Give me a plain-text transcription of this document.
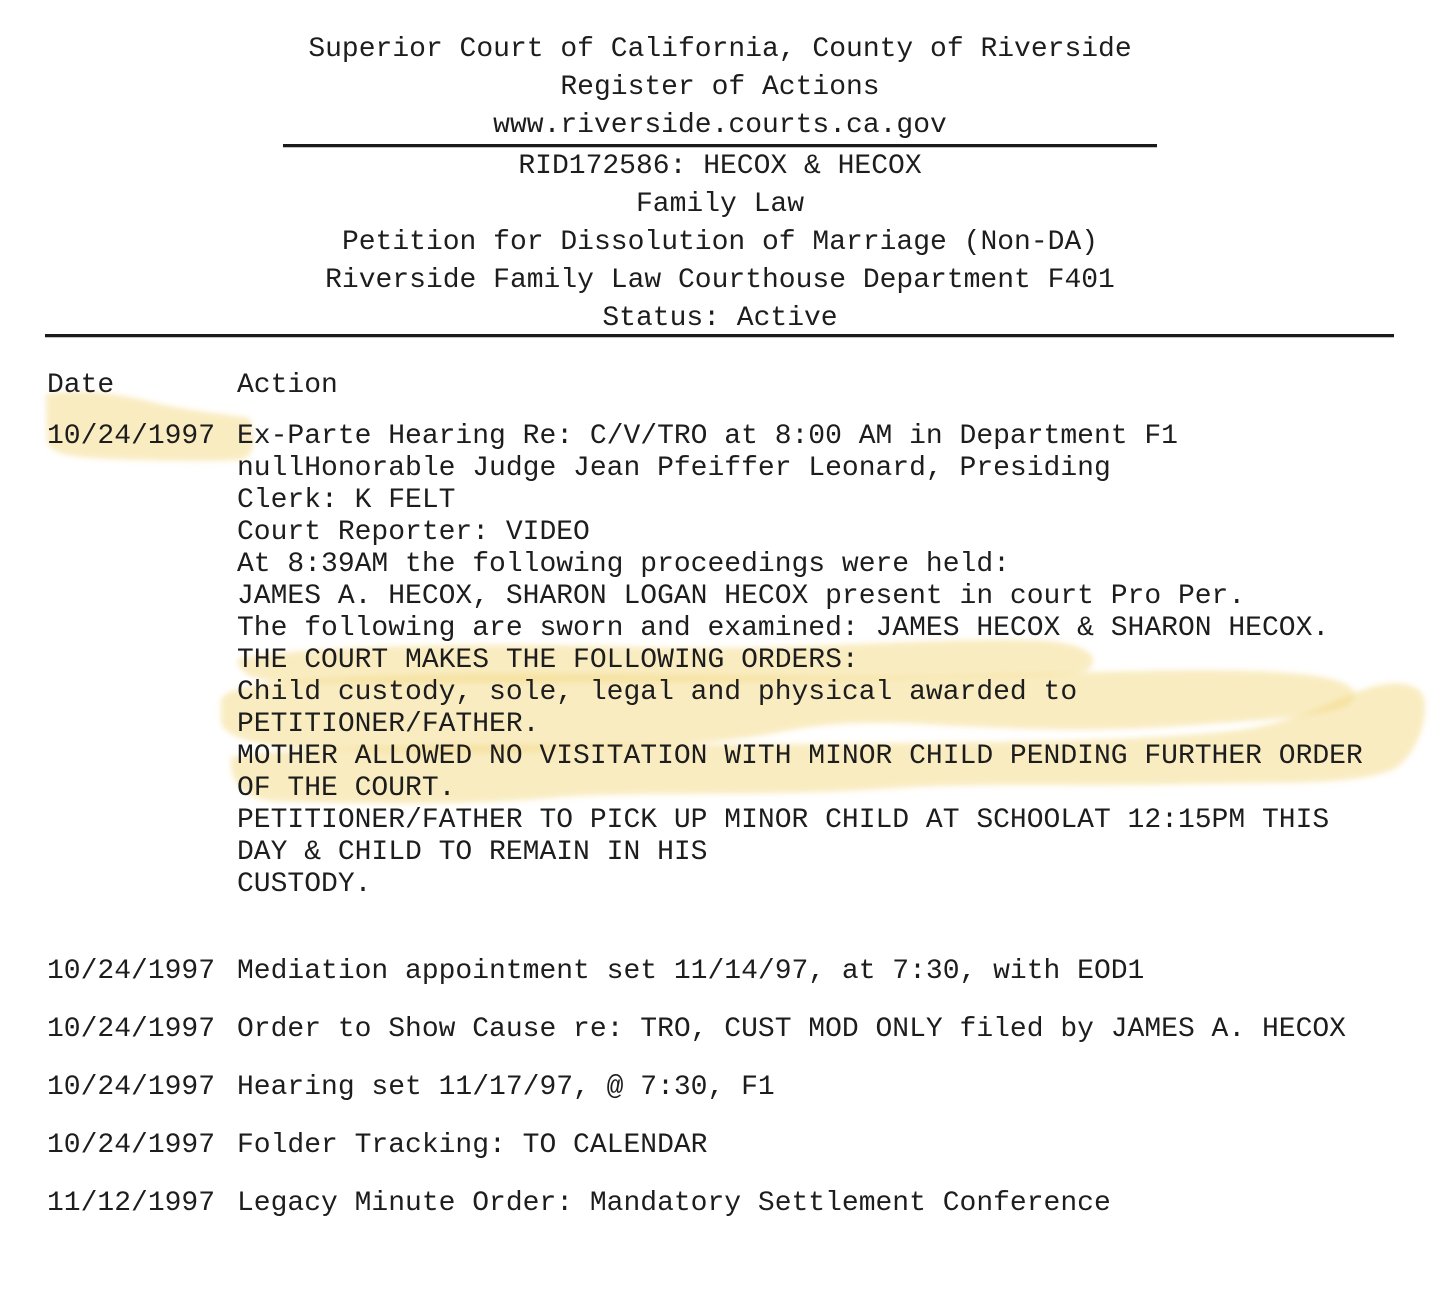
Superior Court of California, County of Riverside
Register of Actions
www.riverside.courts.ca.gov
RID172586: HECOX & HECOX
Family Law
Petition for Dissolution of Marriage (Non-DA)
Riverside Family Law Courthouse Department F401
Status: Active
Date	Action
10/24/1997 Ex-Parte Hearing Re: C/V/TRO at 8:00 AM in Department F1
nullHonorable Judge Jean Pfeiffer Leonard, Presiding
Clerk: K FELT
Court Reporter: VIDEO
At 8:39AM the following proceedings were held:
JAMES A. HECOX, SHARON LOGAN HECOX present in court Pro Per.
The following are sworn and examined: JAMES HECOX & SHARON HECOX.
THE COURT MAKES THE FOLLOWING ORDERS:
Child custody, sole, legal and physical awarded to
PETITIONER/FATHER.
MOTHER ALLOWED NO VISITATION WITH MINOR CHILD PENDING FURTHER ORDER
OF THE COURT.
PETITIONER/FATHER TO PICK UP MINOR CHILD AT SCHOOLAT 12:15PM THIS
DAY & CHILD TO REMAIN IN HIS
CUSTODY.
10/24/1997 Mediation appointment set 11/14/97, at 7:30, with EOD1
10/24/1997 Order to Show Cause re: TRO, CUST MOD ONLY filed by JAMES A. HECOX
10/24/1997 Hearing set 11/17/97, @ 7:30, F1
10/24/1997 Folder Tracking: TO CALENDAR
11/12/1997 Legacy Minute Order: Mandatory Settlement Conference
